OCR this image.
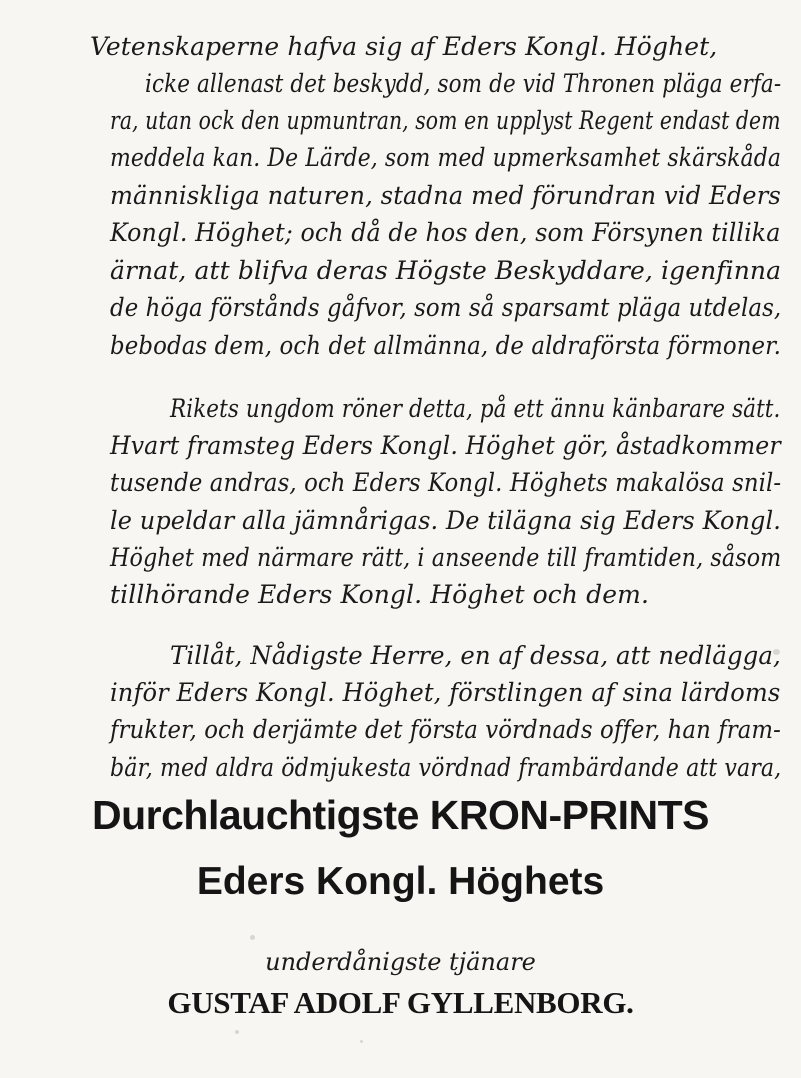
Vetenskaperne hafva sig af Eders Kongl. Höghet,
icke allenast det beskydd, som de vid Thronen pläga erfa-
ra, utan ock den upmuntran, som en upplyst Regent endast dem
meddela kan. De Lärde, som med upmerksamhet skärskåda
människliga naturen, stadna med förundran vid Eders
Kongl. Höghet; och då de hos den, som Försynen tillika
ärnat, att blifva deras Högste Beskyddare, igenfinna
de höga förstånds gåfvor, som så sparsamt pläga utdelas,
bebodas dem, och det allmänna, de aldraförsta förmoner.
Rikets ungdom röner detta, på ett ännu känbarare sätt.
Hvart framsteg Eders Kongl. Höghet gör, åstadkommer
tusende andras, och Eders Kongl. Höghets makalösa snil-
le upeldar alla jämnårigas. De tilägna sig Eders Kongl.
Höghet med närmare rätt, i anseende till framtiden, såsom
tillhörande Eders Kongl. Höghet och dem.
Tillåt, Nådigste Herre, en af dessa, att nedlägga,
inför Eders Kongl. Höghet, förstlingen af sina lärdoms
frukter, och derjämte det första vördnads offer, han fram-
bär, med aldra ödmjukesta vördnad frambärdande att vara,
Durchlauchtigste KRON-PRINTS
Eders Kongl. Höghets
underdånigste tjänare
GUSTAF ADOLF GYLLENBORG.
